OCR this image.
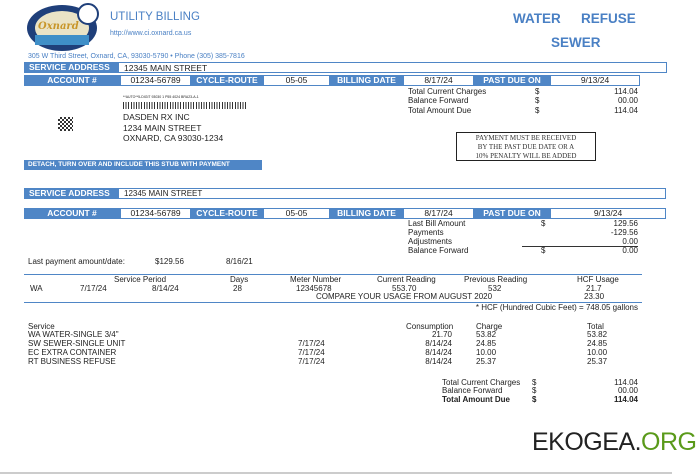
Oxnard
UTILITY BILLING
http://www.ci.oxnard.ca.us
WATER REFUSE
SEWER
305 W Third Street, Oxnard, CA, 93030-5790 • Phone (305) 385-7816
SERVICE ADDRESS	12345 MAIN STREET
ACCOUNT #	01234-56789	CYCLE-ROUTE	05-05	BILLING DATE	8/17/24	PAST DUE ON	9/13/24
Total Current Charges	$	114.04
Balance Forward	$	00.00
Total Amount Due	$	114.04
**AUTO**5-DIGIT 93030 1 P55 4024 BRA23-A-1
DASDEN RX INC
1234 MAIN STREET
OXNARD, CA 93030-1234	PAYMENT MUST BE RECEIVED
BY THE PAST DUE DATE OR A
10% PENALTY WILL BE ADDED
DETACH, TURN OVER AND INCLUDE THIS STUB WITH PAYMENT
SERVICE ADDRESS	12345 MAIN STREET
ACCOUNT #	01234-56789	CYCLE-ROUTE	05-05	BILLING DATE	8/17/24	PAST DUE ON	9/13/24
Last Bill Amount	$	129.56
Payments	-129.56
Adjustments	0.00
Balance Forward	$	0.00
Last payment amount/date:	$129.56	8/16/21
Service Period	Days	Meter Number	Current Reading	Previous Reading	HCF Usage
WA	7/17/24	8/14/24	28	12345678	553.70	532	21.7
COMPARE YOUR USAGE FROM AUGUST 2020	23.30
* HCF (Hundred Cubic Feet) = 748.05 gallons
Service	Consumption	Charge	Total
WA WATER-SINGLE 3/4"	21.70	53.82	53.82
SW SEWER-SINGLE UNIT	7/17/24	8/14/24	24.85	24.85
EC EXTRA CONTAINER	7/17/24	8/14/24	10.00	10.00
RT BUSINESS REFUSE	7/17/24	8/14/24	25.37	25.37
Total Current Charges $	114.04
Balance Forward	$	00.00
Total Amount Due	$	114.04
EKOGEA.ORG
